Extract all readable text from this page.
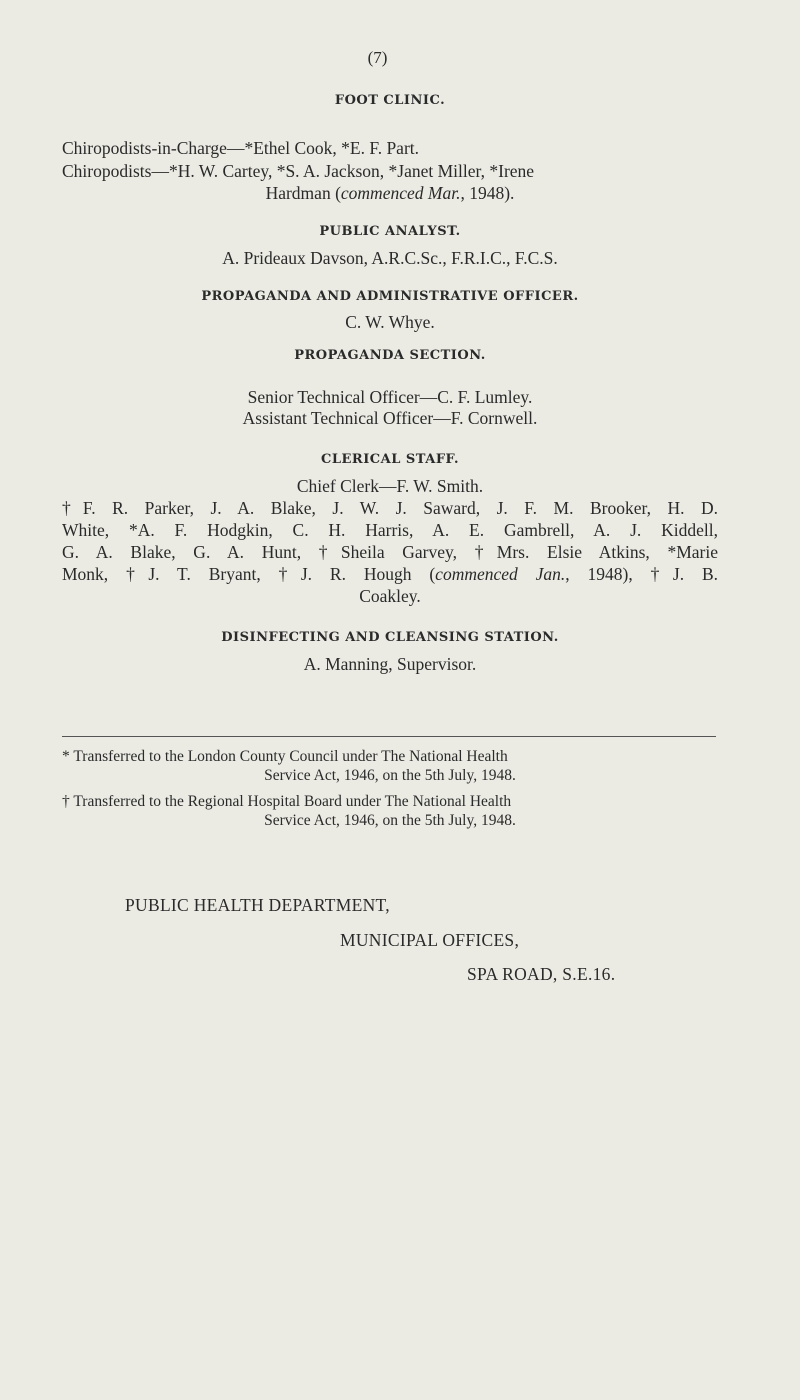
(7)
FOOT CLINIC.
Chiropodists-in-Charge—*Ethel Cook, *E. F. Part.
Chiropodists—*H. W. Cartey, *S. A. Jackson, *Janet Miller, *Irene
Hardman (commenced Mar., 1948).
PUBLIC ANALYST.
A. Prideaux Davson, A.R.C.Sc., F.R.I.C., F.C.S.
PROPAGANDA AND ADMINISTRATIVE OFFICER.
C. W. Whye.
PROPAGANDA SECTION.
Senior Technical Officer—C. F. Lumley.
Assistant Technical Officer—F. Cornwell.
CLERICAL STAFF.
Chief Clerk—F. W. Smith.
†F. R. Parker, J. A. Blake, J. W. J. Saward, J. F. M. Brooker, H. D.
White, *A. F. Hodgkin, C. H. Harris, A. E. Gambrell, A. J. Kiddell,
G. A. Blake, G. A. Hunt, †Sheila Garvey, †Mrs. Elsie Atkins, *Marie
Monk, †J. T. Bryant, †J. R. Hough (commenced Jan., 1948), †J. B.
Coakley.
DISINFECTING AND CLEANSING STATION.
A. Manning, Supervisor.
* Transferred to the London County Council under The National Health
Service Act, 1946, on the 5th July, 1948.
† Transferred to the Regional Hospital Board under The National Health
Service Act, 1946, on the 5th July, 1948.
PUBLIC HEALTH DEPARTMENT,
MUNICIPAL OFFICES,
SPA ROAD, S.E.16.
